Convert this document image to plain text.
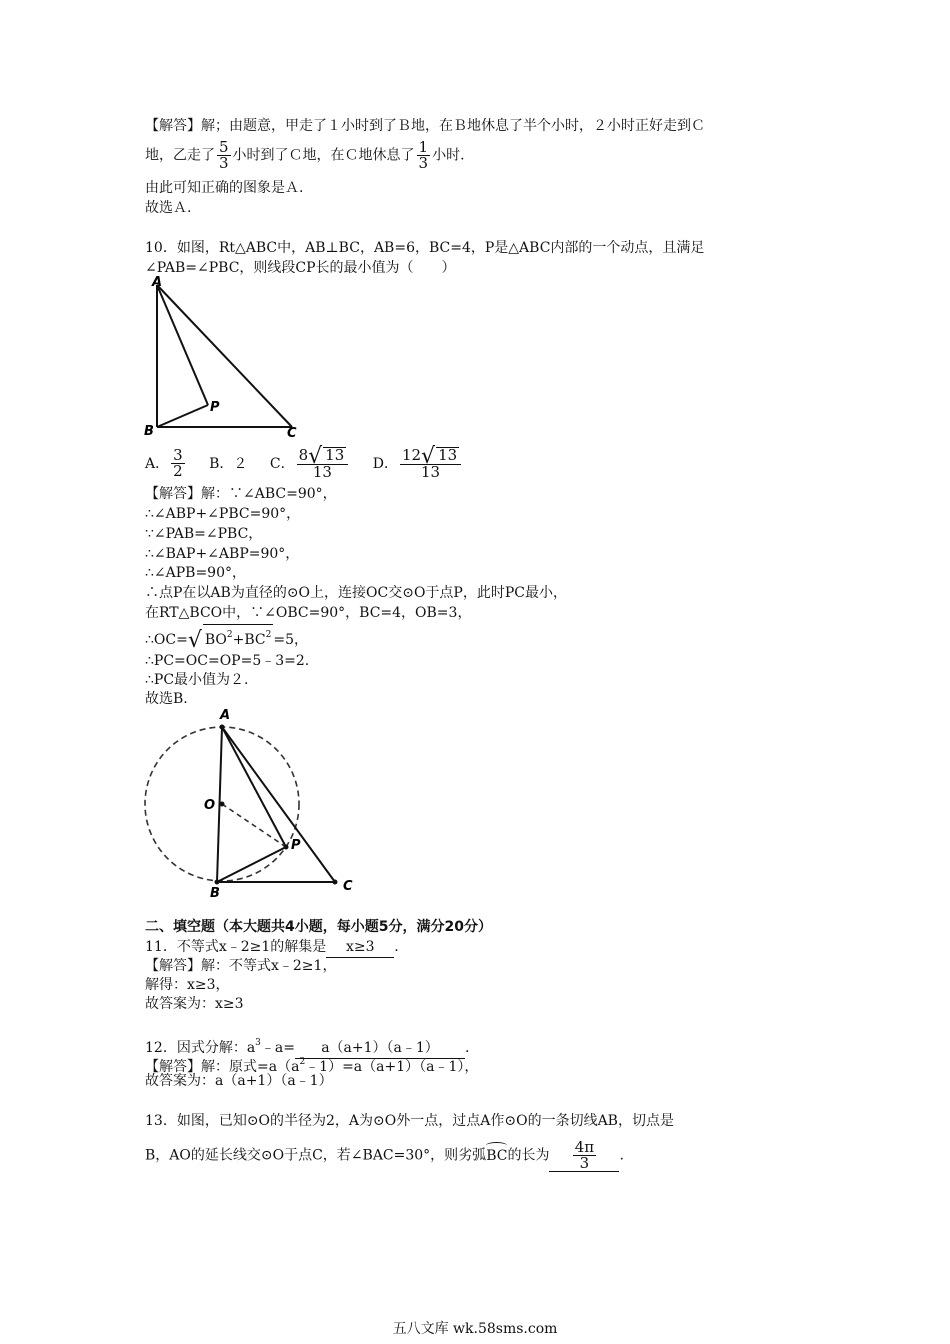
【解答】解；由题意，甲走了１小时到了Ｂ地，在Ｂ地休息了半个小时，２小时正好走到Ｃ
地，乙走了 $\frac{5}{3}$ 小时到了Ｃ地，在Ｃ地休息了 $\frac{1}{3}$ 小时.
由此可知正确的图象是Ａ.
故选Ａ.
10．如图，Rt△ABC中，AB⊥BC，AB=6，BC=4，P是△ABC内部的一个动点，且满足
∠PAB=∠PBC，则线段CP长的最小值为（　　）
A
B	C
P
A． $\frac{3}{2}$ B．２ C． $\frac{8√ 13}{13}$ D． $\frac{12√ 13}{13}$
【解答】解：∵∠ABC=90°，
∴∠ABP+∠PBC=90°，
∵∠PAB=∠PBC，
∴∠BAP+∠ABP=90°，
∴∠APB=90°，
∴点P在以AB为直径的⊙O上，连接OC交⊙O于点P，此时PC最小，
在RT△BCO中，∵∠OBC=90°，BC=4，OB=3，
∴OC=√ $BO^2+BC^2 =5$，
∴PC=OC=OP=5﹣3=2.
∴PC最小值为２.
故选B.
A
O
B	C
P
二、填空题（本大题共4小题，每小题5分，满分20分）
11．不等式x﹣2≥1的解集是 x≥3 .
【解答】解：不等式x﹣2≥1，
解得：x≥3，
故答案为：x≥3
12．因式分解：$a^3﹣a=$ a（a+1）（a﹣1） .
【解答】解：原式$=a(a^2﹣1)=a(a+1)(a﹣1)$，
故答案为：a（a+1）（a﹣1）
13．如图，已知⊙O的半径为2，A为⊙O外一点，过点A作⊙O的一条切线AB，切点是
B，AO的延长线交⊙O于点C，若∠BAC=30°，则劣弧BC的长为 $\frac{4\pi}{3}$ .
五八文库 wk.58sms.com
